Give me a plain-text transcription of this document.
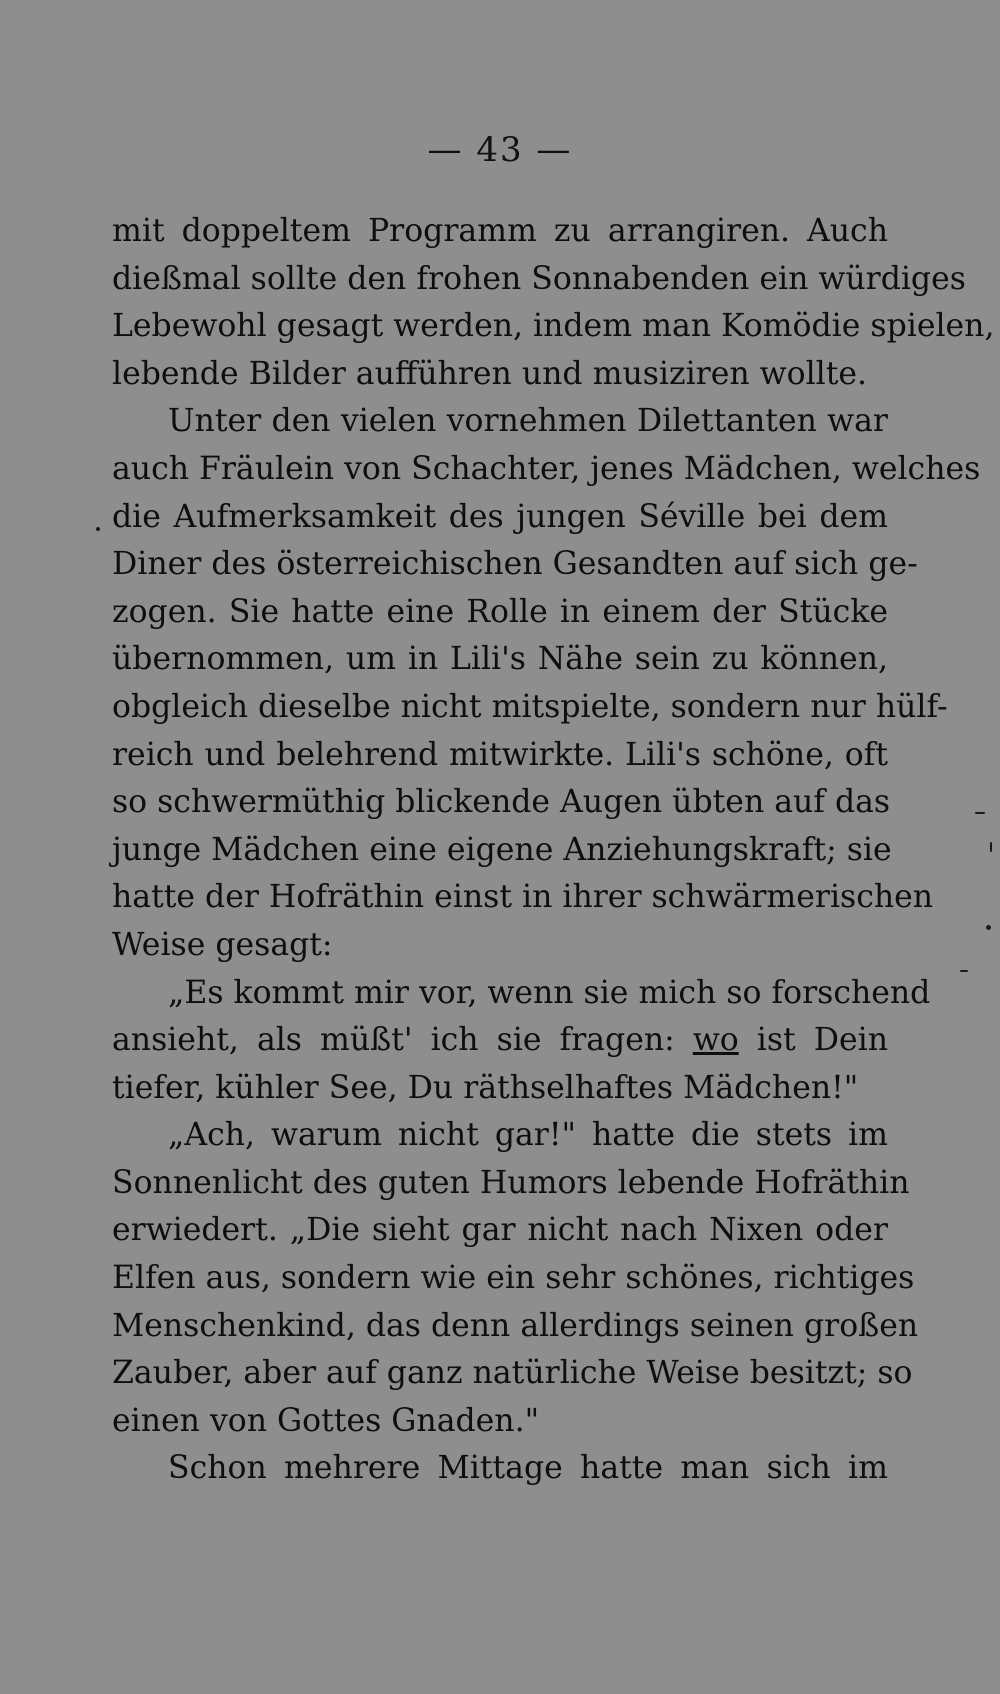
— 43 —
mit doppeltem Programm zu arrangiren. Auch
dießmal sollte den frohen Sonnabenden ein würdiges
Lebewohl gesagt werden, indem man Komödie spielen,
lebende Bilder aufführen und musiziren wollte.
Unter den vielen vornehmen Dilettanten war
auch Fräulein von Schachter, jenes Mädchen, welches
die Aufmerksamkeit des jungen Séville bei dem
Diner des österreichischen Gesandten auf sich ge-
zogen. Sie hatte eine Rolle in einem der Stücke
übernommen, um in Lili's Nähe sein zu können,
obgleich dieselbe nicht mitspielte, sondern nur hülf-
reich und belehrend mitwirkte. Lili's schöne, oft
so schwermüthig blickende Augen übten auf das
junge Mädchen eine eigene Anziehungskraft; sie
hatte der Hofräthin einst in ihrer schwärmerischen
Weise gesagt:
„Es kommt mir vor, wenn sie mich so forschend
ansieht, als müßt' ich sie fragen: wo ist Dein
tiefer, kühler See, Du räthselhaftes Mädchen!"
„Ach, warum nicht gar!" hatte die stets im
Sonnenlicht des guten Humors lebende Hofräthin
erwiedert. „Die sieht gar nicht nach Nixen oder
Elfen aus, sondern wie ein sehr schönes, richtiges
Menschenkind, das denn allerdings seinen großen
Zauber, aber auf ganz natürliche Weise besitzt; so
einen von Gottes Gnaden."
Schon mehrere Mittage hatte man sich im
